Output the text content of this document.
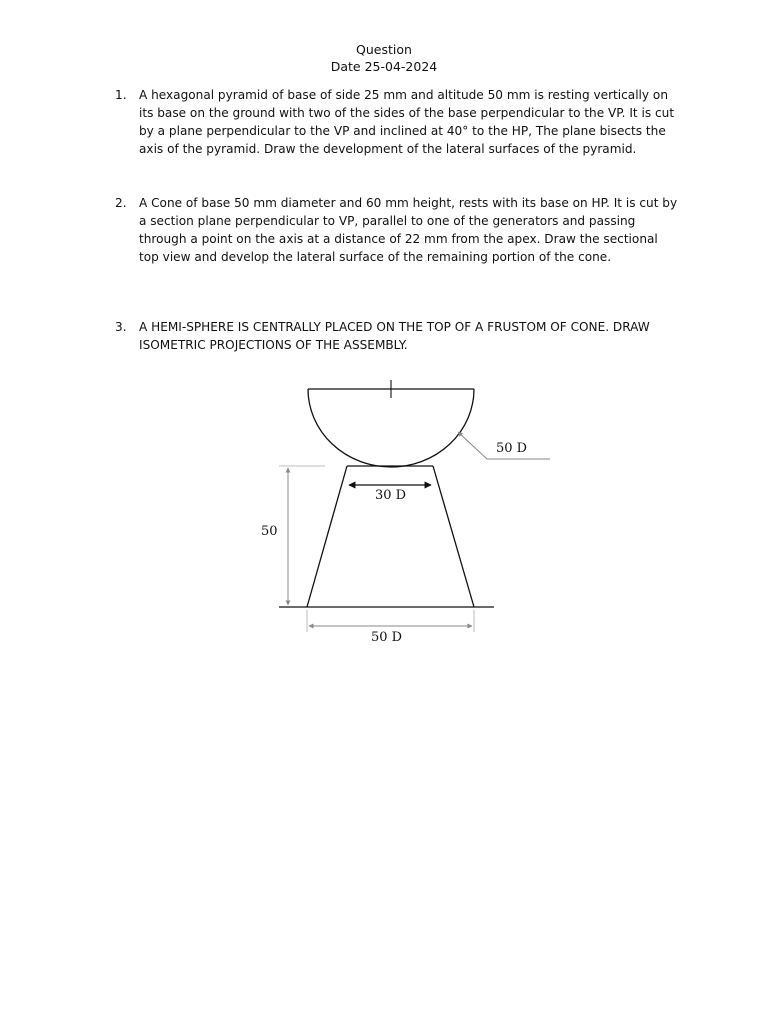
Question
Date 25-04-2024
1. A hexagonal pyramid of base of side 25 mm and altitude 50 mm is resting vertically on its base on the ground with two of the sides of the base perpendicular to the VP. It is cut by a plane perpendicular to the VP and inclined at 40° to the HP, The plane bisects the axis of the pyramid. Draw the development of the lateral surfaces of the pyramid.
2. A Cone of base 50 mm diameter and 60 mm height, rests with its base on HP. It is cut by a section plane perpendicular to VP, parallel to one of the generators and passing through a point on the axis at a distance of 22 mm from the apex. Draw the sectional top view and develop the lateral surface of the remaining portion of the cone.
3. A HEMI-SPHERE IS CENTRALLY PLACED ON THE TOP OF A FRUSTOM OF CONE. DRAW ISOMETRIC PROJECTIONS OF THE ASSEMBLY.
50 D
30 D
50
50 D
